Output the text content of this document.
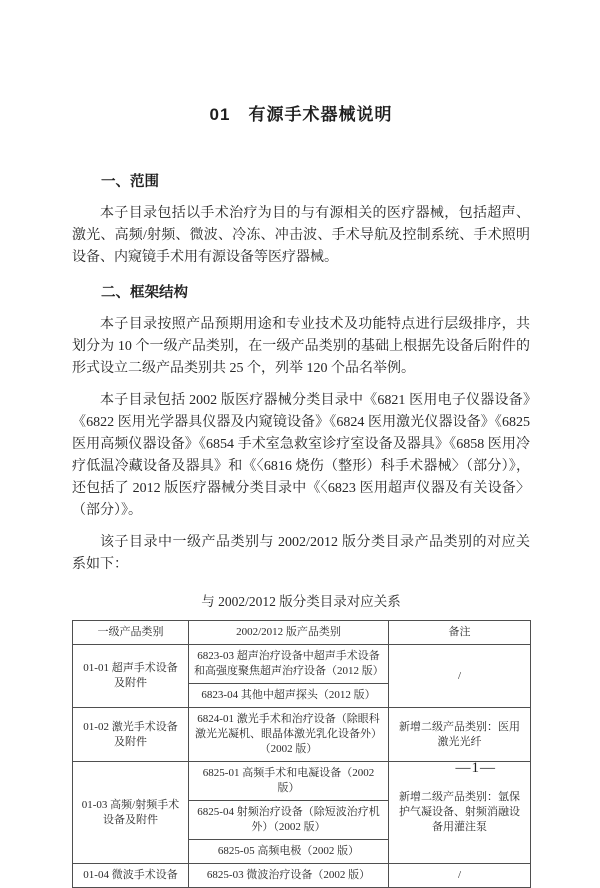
01　有源手术器械说明
一、范围

本子目录包括以手术治疗为目的与有源相关的医疗器械，包括超声、激光、高频/射频、微波、冷冻、冲击波、手术导航及控制系统、手术照明设备、内窥镜手术用有源设备等医疗器械。

二、框架结构

本子目录按照产品预期用途和专业技术及功能特点进行层级排序，共划分为 10 个一级产品类别，在一级产品类别的基础上根据先设备后附件的形式设立二级产品类别共 25 个，列举 120 个品名举例。

本子目录包括 2002 版医疗器械分类目录中《6821 医用电子仪器设备》《6822 医用光学器具仪器及内窥镜设备》《6824 医用激光仪器设备》《6825 医用高频仪器设备》《6854 手术室急救室诊疗室设备及器具》《6858 医用冷疗低温冷藏设备及器具》和《〈6816 烧伤（整形）科手术器械〉（部分）》，还包括了 2012 版医疗器械分类目录中《〈6823 医用超声仪器及有关设备〉（部分）》。

该子目录中一级产品类别与 2002/2012 版分类目录产品类别的对应关系如下：

与 2002/2012 版分类目录对应关系
一级产品类别	2002/2012 版产品类别	备注
01-01 超声手术设备及附件	6823-03 超声治疗设备中超声手术设备和高强度聚焦超声治疗设备（2012 版）	/
	6823-04 其他中超声探头（2012 版）	
01-02 激光手术设备及附件	6824-01 激光手术和治疗设备（除眼科激光光凝机、眼晶体激光乳化设备外）（2002 版）	新增二级产品类别：医用激光光纤
01-03 高频/射频手术设备及附件	6825-01 高频手术和电凝设备（2002 版）	新增二级产品类别：氩保护气凝设备、射频消融设备用灌注泵
	6825-04 射频治疗设备（除短波治疗机外）（2002 版）	
	6825-05 高频电极（2002 版）	
01-04 微波手术设备	6825-03 微波治疗设备（2002 版）	/
—1—
